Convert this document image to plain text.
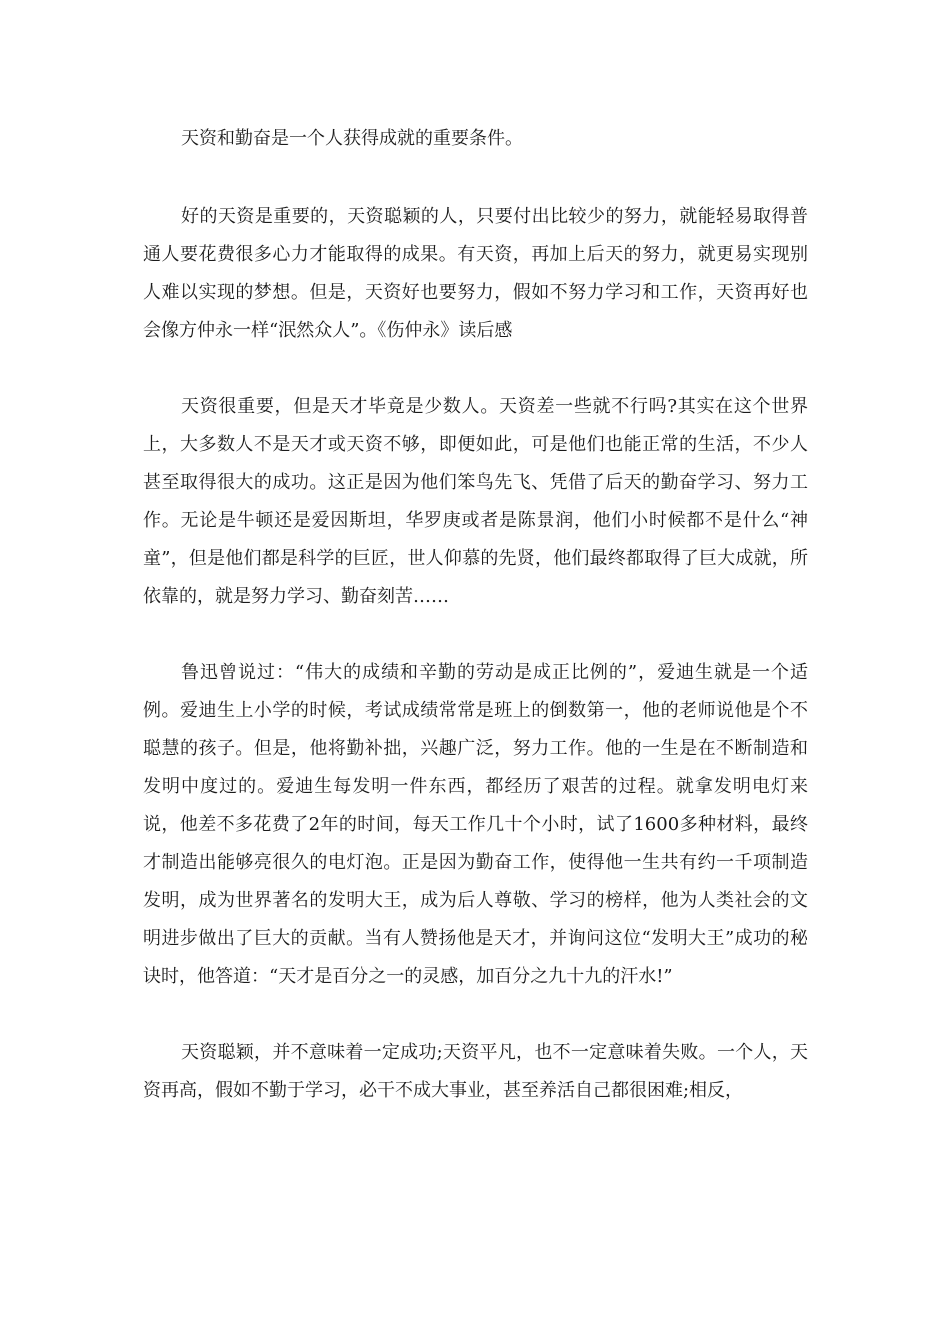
天资和勤奋是一个人获得成就的重要条件。

好的天资是重要的，天资聪颖的人，只要付出比较少的努力，就能轻易取得普通人要花费很多心力才能取得的成果。有天资，再加上后天的努力，就更易实现别人难以实现的梦想。但是，天资好也要努力，假如不努力学习和工作，天资再好也会像方仲永一样“泯然众人”。《伤仲永》读后感

天资很重要，但是天才毕竟是少数人。天资差一些就不行吗?其实在这个世界上，大多数人不是天才或天资不够，即便如此，可是他们也能正常的生活，不少人甚至取得很大的成功。这正是因为他们笨鸟先飞、凭借了后天的勤奋学习、努力工作。无论是牛顿还是爱因斯坦，华罗庚或者是陈景润，他们小时候都不是什么“神童”，但是他们都是科学的巨匠，世人仰慕的先贤，他们最终都取得了巨大成就，所依靠的，就是努力学习、勤奋刻苦……

鲁迅曾说过：“伟大的成绩和辛勤的劳动是成正比例的”，爱迪生就是一个适例。爱迪生上小学的时候，考试成绩常常是班上的倒数第一，他的老师说他是个不聪慧的孩子。但是，他将勤补拙，兴趣广泛，努力工作。他的一生是在不断制造和发明中度过的。爱迪生每发明一件东西，都经历了艰苦的过程。就拿发明电灯来说，他差不多花费了2年的时间，每天工作几十个小时，试了1600多种材料，最终才制造出能够亮很久的电灯泡。正是因为勤奋工作，使得他一生共有约一千项制造发明，成为世界著名的发明大王，成为后人尊敬、学习的榜样，他为人类社会的文明进步做出了巨大的贡献。当有人赞扬他是天才，并询问这位“发明大王”成功的秘诀时，他答道：“天才是百分之一的灵感，加百分之九十九的汗水!”

天资聪颖，并不意味着一定成功;天资平凡，也不一定意味着失败。一个人，天资再高，假如不勤于学习，必干不成大事业，甚至养活自己都很困难;相反，
